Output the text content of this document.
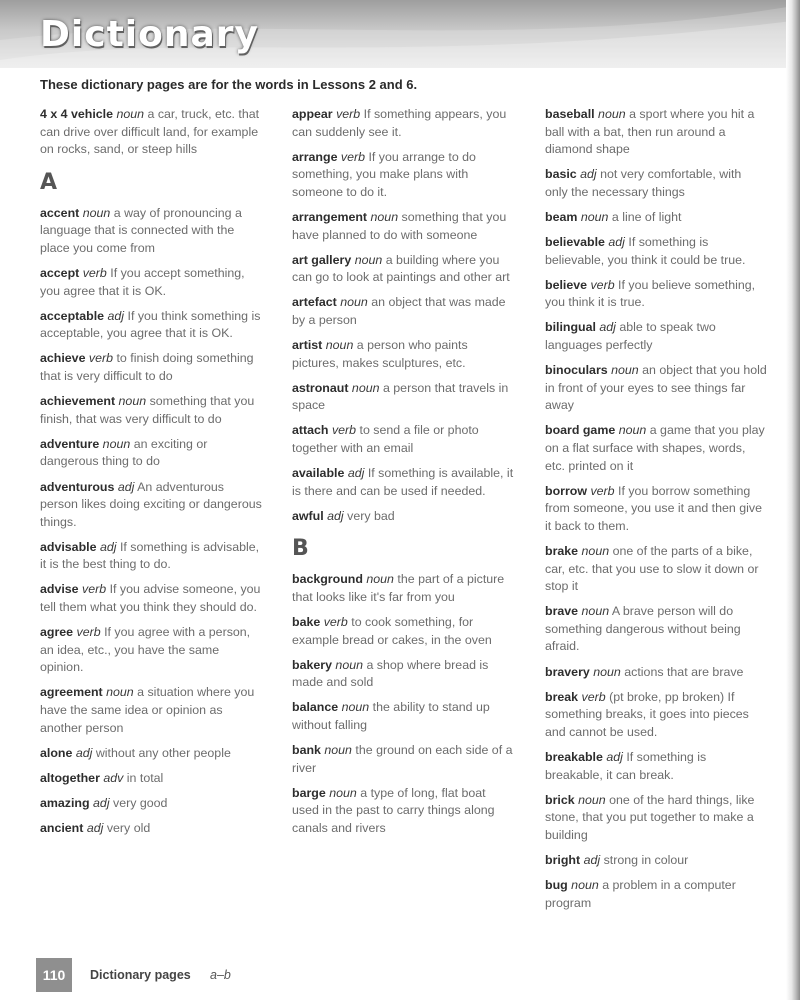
Dictionary
These dictionary pages are for the words in Lessons 2 and 6.
4 x 4 vehicle noun a car, truck, etc. that can drive over difficult land, for example on rocks, sand, or steep hills
A
accent noun a way of pronouncing a language that is connected with the place you come from
accept verb If you accept something, you agree that it is OK.
acceptable adj If you think something is acceptable, you agree that it is OK.
achieve verb to finish doing something that is very difficult to do
achievement noun something that you finish, that was very difficult to do
adventure noun an exciting or dangerous thing to do
adventurous adj An adventurous person likes doing exciting or dangerous things.
advisable adj If something is advisable, it is the best thing to do.
advise verb If you advise someone, you tell them what you think they should do.
agree verb If you agree with a person, an idea, etc., you have the same opinion.
agreement noun a situation where you have the same idea or opinion as another person
alone adj without any other people
altogether adv in total
amazing adj very good
ancient adj very old
appear verb If something appears, you can suddenly see it.
arrange verb If you arrange to do something, you make plans with someone to do it.
arrangement noun something that you have planned to do with someone
art gallery noun a building where you can go to look at paintings and other art
artefact noun an object that was made by a person
artist noun a person who paints pictures, makes sculptures, etc.
astronaut noun a person that travels in space
attach verb to send a file or photo together with an email
available adj If something is available, it is there and can be used if needed.
awful adj very bad
B
background noun the part of a picture that looks like it's far from you
bake verb to cook something, for example bread or cakes, in the oven
bakery noun a shop where bread is made and sold
balance noun the ability to stand up without falling
bank noun the ground on each side of a river
barge noun a type of long, flat boat used in the past to carry things along canals and rivers
baseball noun a sport where you hit a ball with a bat, then run around a diamond shape
basic adj not very comfortable, with only the necessary things
beam noun a line of light
believable adj If something is believable, you think it could be true.
believe verb If you believe something, you think it is true.
bilingual adj able to speak two languages perfectly
binoculars noun an object that you hold in front of your eyes to see things far away
board game noun a game that you play on a flat surface with shapes, words, etc. printed on it
borrow verb If you borrow something from someone, you use it and then give it back to them.
brake noun one of the parts of a bike, car, etc. that you use to slow it down or stop it
brave noun A brave person will do something dangerous without being afraid.
bravery noun actions that are brave
break verb (pt broke, pp broken) If something breaks, it goes into pieces and cannot be used.
breakable adj If something is breakable, it can break.
brick noun one of the hard things, like stone, that you put together to make a building
bright adj strong in colour
bug noun a problem in a computer program
110	Dictionary pages a–b
